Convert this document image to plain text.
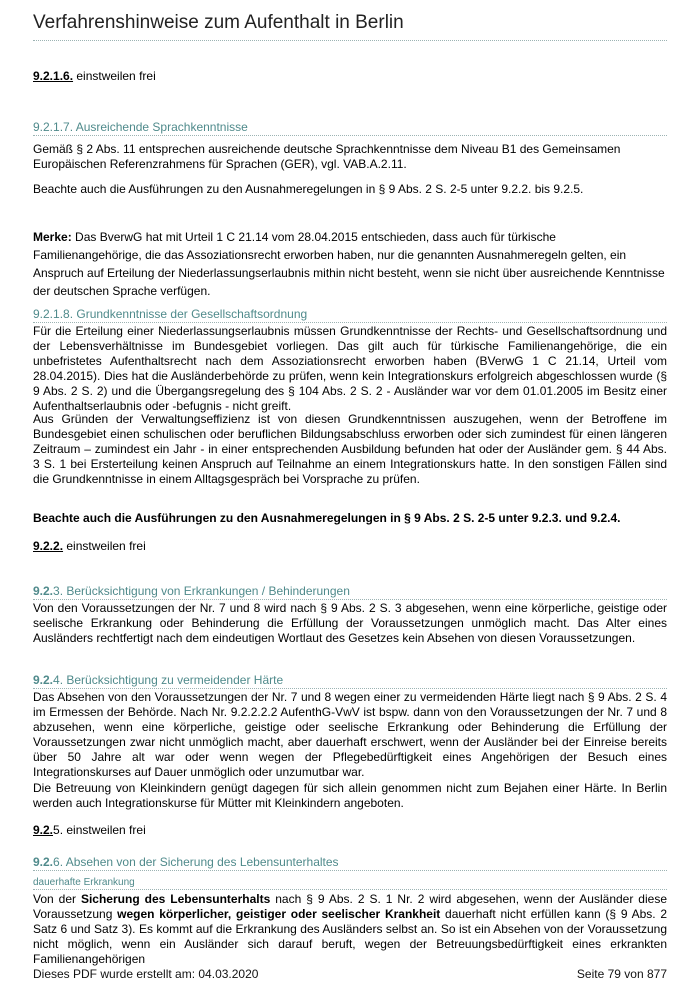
Verfahrenshinweise zum Aufenthalt in Berlin
9.2.1.6. einstweilen frei
9.2.1.7. Ausreichende Sprachkenntnisse
Gemäß § 2 Abs. 11 entsprechen ausreichende deutsche Sprachkenntnisse dem Niveau B1 des Gemeinsamen Europäischen Referenzrahmens für Sprachen (GER), vgl. VAB.A.2.11.
Beachte auch die Ausführungen zu den Ausnahmeregelungen in § 9 Abs. 2 S. 2-5 unter 9.2.2. bis 9.2.5.
Merke: Das BverwG hat mit Urteil 1 C 21.14 vom 28.04.2015 entschieden, dass auch für türkische Familienangehörige, die das Assoziationsrecht erworben haben, nur die genannten Ausnahmeregeln gelten, ein Anspruch auf Erteilung der Niederlassungserlaubnis mithin nicht besteht, wenn sie nicht über ausreichende Kenntnisse der deutschen Sprache verfügen.
9.2.1.8. Grundkenntnisse der Gesellschaftsordnung
Für die Erteilung einer Niederlassungserlaubnis müssen Grundkenntnisse der Rechts- und Gesellschaftsordnung und der Lebensverhältnisse im Bundesgebiet vorliegen. Das gilt auch für türkische Familienangehörige, die ein unbefristetes Aufenthaltsrecht nach dem Assoziationsrecht erworben haben (BVerwG 1 C 21.14, Urteil vom 28.04.2015). Dies hat die Ausländerbehörde zu prüfen, wenn kein Integrationskurs erfolgreich abgeschlossen wurde (§ 9 Abs. 2 S. 2) und die Übergangsregelung des § 104 Abs. 2 S. 2 - Ausländer war vor dem 01.01.2005 im Besitz einer Aufenthaltserlaubnis oder -befugnis - nicht greift.
Aus Gründen der Verwaltungseffizienz ist von diesen Grundkenntnissen auszugehen, wenn der Betroffene im Bundesgebiet einen schulischen oder beruflichen Bildungsabschluss erworben oder sich zumindest für einen längeren Zeitraum – zumindest ein Jahr - in einer entsprechenden Ausbildung befunden hat oder der Ausländer gem. § 44 Abs. 3 S. 1 bei Ersterteilung keinen Anspruch auf Teilnahme an einem Integrationskurs hatte. In den sonstigen Fällen sind die Grundkenntnisse in einem Alltagsgespräch bei Vorsprache zu prüfen.
Beachte auch die Ausführungen zu den Ausnahmeregelungen in § 9 Abs. 2 S. 2-5 unter 9.2.3. und 9.2.4.
9.2.2. einstweilen frei
9.2.3. Berücksichtigung von Erkrankungen / Behinderungen
Von den Voraussetzungen der Nr. 7 und 8 wird nach § 9 Abs. 2 S. 3 abgesehen, wenn eine körperliche, geistige oder seelische Erkrankung oder Behinderung die Erfüllung der Voraussetzungen unmöglich macht. Das Alter eines Ausländers rechtfertigt nach dem eindeutigen Wortlaut des Gesetzes kein Absehen von diesen Voraussetzungen.
9.2.4. Berücksichtigung zu vermeidender Härte
Das Absehen von den Voraussetzungen der Nr. 7 und 8 wegen einer zu vermeidenden Härte liegt nach § 9 Abs. 2 S. 4 im Ermessen der Behörde. Nach Nr. 9.2.2.2.2 AufenthG-VwV ist bspw. dann von den Voraussetzungen der Nr. 7 und 8 abzusehen, wenn eine körperliche, geistige oder seelische Erkrankung oder Behinderung die Erfüllung der Voraussetzungen zwar nicht unmöglich macht, aber dauerhaft erschwert, wenn der Ausländer bei der Einreise bereits über 50 Jahre alt war oder wenn wegen der Pflegebedürftigkeit eines Angehörigen der Besuch eines Integrationskurses auf Dauer unmöglich oder unzumutbar war.
Die Betreuung von Kleinkindern genügt dagegen für sich allein genommen nicht zum Bejahen einer Härte. In Berlin werden auch Integrationskurse für Mütter mit Kleinkindern angeboten.
9.2.5. einstweilen frei
9.2.6. Absehen von der Sicherung des Lebensunterhaltes
dauerhafte Erkrankung
Von der Sicherung des Lebensunterhalts nach § 9 Abs. 2 S. 1 Nr. 2 wird abgesehen, wenn der Ausländer diese Voraussetzung wegen körperlicher, geistiger oder seelischer Krankheit dauerhaft nicht erfüllen kann (§ 9 Abs. 2 Satz 6 und Satz 3). Es kommt auf die Erkrankung des Ausländers selbst an. So ist ein Absehen von der Voraussetzung nicht möglich, wenn ein Ausländer sich darauf beruft, wegen der Betreuungsbedürftigkeit eines erkrankten Familienangehörigen
Dieses PDF wurde erstellt am: 04.03.2020	Seite 79 von 877
